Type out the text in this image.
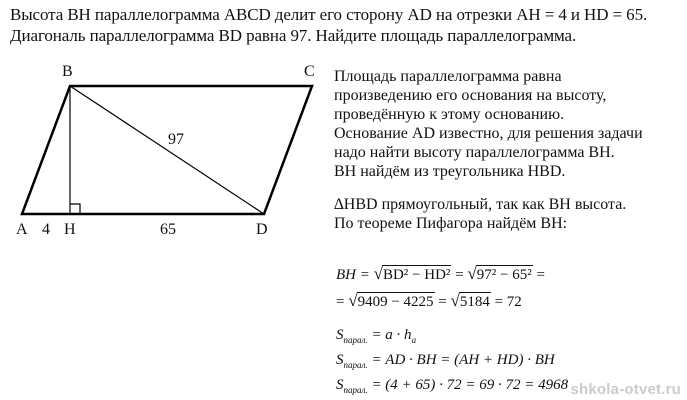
Высота BH параллелограмма ABCD делит его сторону AD на отрезки AH = 4 и HD = 65.
Диагональ параллелограмма BD равна 97. Найдите площадь параллелограмма.
B	C
A 4 H	65	D
97
Площадь параллелограмма равна
произведению его основания на высоту,
проведённую к этому основанию.
Основание AD известно, для решения задачи
надо найти высоту параллелограмма BH.
BH найдём из треугольника HBD.
∆HBD прямоугольный, так как BH высота.
По теореме Пифагора найдём BH:
BH = √BD² − HD² = √97² − 65² =
= √9409 − 4225 = √5184 = 72
$S_{парал.} = a \cdot h_a$
$S_{парал.}$ = AD · BH = (AH + HD) · BH
$S_{парал.} = (4 + 65) \cdot 72 = 69 \cdot 72 = 4968$ shkola-otvet.ru
